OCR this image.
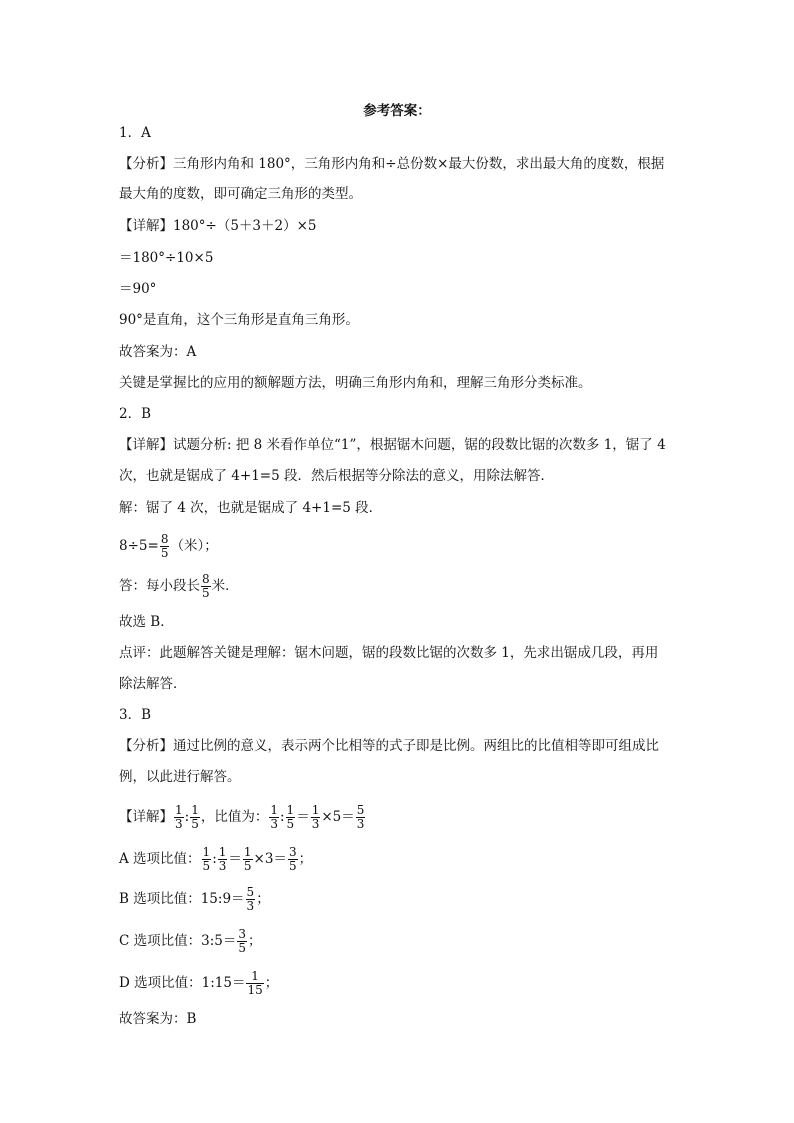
参考答案：
1．A
【分析】三角形内角和 180°，三角形内角和÷总份数×最大份数，求出最大角的度数，根据
最大角的度数，即可确定三角形的类型。
【详解】180°÷（5＋3＋2）×5
＝180°÷10×5
＝90°
90°是直角，这个三角形是直角三角形。
故答案为：A
关键是掌握比的应用的额解题方法，明确三角形内角和，理解三角形分类标准。
2．B
【详解】试题分析: 把 8 米看作单位“1”，根据锯木问题，锯的段数比锯的次数多 1，锯了 4
次，也就是锯成了 4+1=5 段．然后根据等分除法的意义，用除法解答．
解：锯了 4 次，也就是锯成了 4+1=5 段．
$8\div 5= \frac{8}{5}$ （米）；
答：每小段长 $\frac{8}{5}$ 米．
故选 B．
点评：此题解答关键是理解：锯木问题，锯的段数比锯的次数多 1，先求出锯成几段，再用
除法解答．
3．B
【分析】通过比例的意义，表示两个比相等的式子即是比例。两组比的比值相等即可组成比
例，以此进行解答。
【详解】 $\frac{1}{3}$ : $\frac{1}{5}$ ，比值为： $\frac{1}{3}$ : $\frac{1}{5} = \frac{1}{3} \times 5= \frac{5}{3}$
A 选项比值： $\frac{1}{5}$ : $\frac{1}{3} = \frac{1}{5} \times 3= \frac{3}{5}$ ；
B 选项比值：15:9＝ $\frac{5}{3}$ ；
C 选项比值：3:5＝ $\frac{3}{5}$ ；
D 选项比值：1:15＝ $\frac{1}{15}$ ；
故答案为：B
